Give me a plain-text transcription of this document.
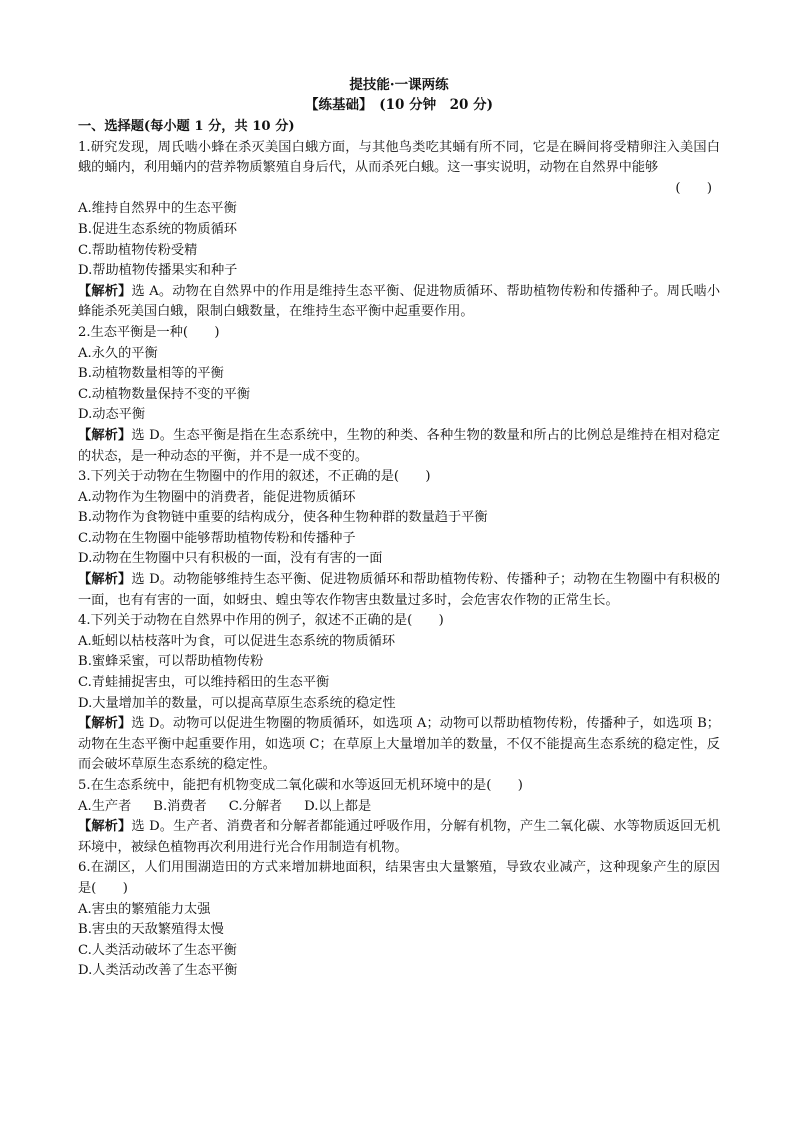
提技能·一课两练
【练基础】　 (10 分钟　20 分)
一、选择题(每小题 1 分，共 10 分)

1.研究发现，周氏啮小蜂在杀灭美国白蛾方面，与其他鸟类吃其蛹有所不同，它是在瞬间将受精卵注入美国白蛾的蛹内，利用蛹内的营养物质繁殖自身后代，从而杀死白蛾。这一事实说明，动物在自然界中能够

(　　)

A.维持自然界中的生态平衡

B.促进生态系统的物质循环

C.帮助植物传粉受精

D.帮助植物传播果实和种子

【解析】选 A。动物在自然界中的作用是维持生态平衡、促进物质循环、帮助植物传粉和传播种子。周氏啮小蜂能杀死美国白蛾，限制白蛾数量，在维持生态平衡中起重要作用。

2.生态平衡是一种(　　)

A.永久的平衡

B.动植物数量相等的平衡

C.动植物数量保持不变的平衡

D.动态平衡

【解析】选 D。生态平衡是指在生态系统中，生物的种类、各种生物的数量和所占的比例总是维持在相对稳定的状态，是一种动态的平衡，并不是一成不变的。

3.下列关于动物在生物圈中的作用的叙述，不正确的是(　　)

A.动物作为生物圈中的消费者，能促进物质循环

B.动物作为食物链中重要的结构成分，使各种生物种群的数量趋于平衡

C.动物在生物圈中能够帮助植物传粉和传播种子

D.动物在生物圈中只有积极的一面，没有有害的一面

【解析】选 D。动物能够维持生态平衡、促进物质循环和帮助植物传粉、传播种子；动物在生物圈中有积极的一面，也有有害的一面，如蚜虫、蝗虫等农作物害虫数量过多时，会危害农作物的正常生长。

4.下列关于动物在自然界中作用的例子，叙述不正确的是(　　)

A.蚯蚓以枯枝落叶为食，可以促进生态系统的物质循环

B.蜜蜂采蜜，可以帮助植物传粉

C.青蛙捕捉害虫，可以维持稻田的生态平衡

D.大量增加羊的数量，可以提高草原生态系统的稳定性

【解析】选 D。动物可以促进生物圈的物质循环，如选项 A；动物可以帮助植物传粉，传播种子，如选项 B；动物在生态平衡中起重要作用，如选项 C；在草原上大量增加羊的数量，不仅不能提高生态系统的稳定性，反而会破坏草原生态系统的稳定性。

5.在生态系统中，能把有机物变成二氧化碳和水等返回无机环境中的是(　　)

A.生产者 B.消费者 C.分解者 D.以上都是

【解析】选 D。生产者、消费者和分解者都能通过呼吸作用，分解有机物，产生二氧化碳、水等物质返回无机环境中，被绿色植物再次利用进行光合作用制造有机物。

6.在湖区，人们用围湖造田的方式来增加耕地面积，结果害虫大量繁殖，导致农业减产，这种现象产生的原因是(　　)

A.害虫的繁殖能力太强

B.害虫的天敌繁殖得太慢

C.人类活动破坏了生态平衡

D.人类活动改善了生态平衡
